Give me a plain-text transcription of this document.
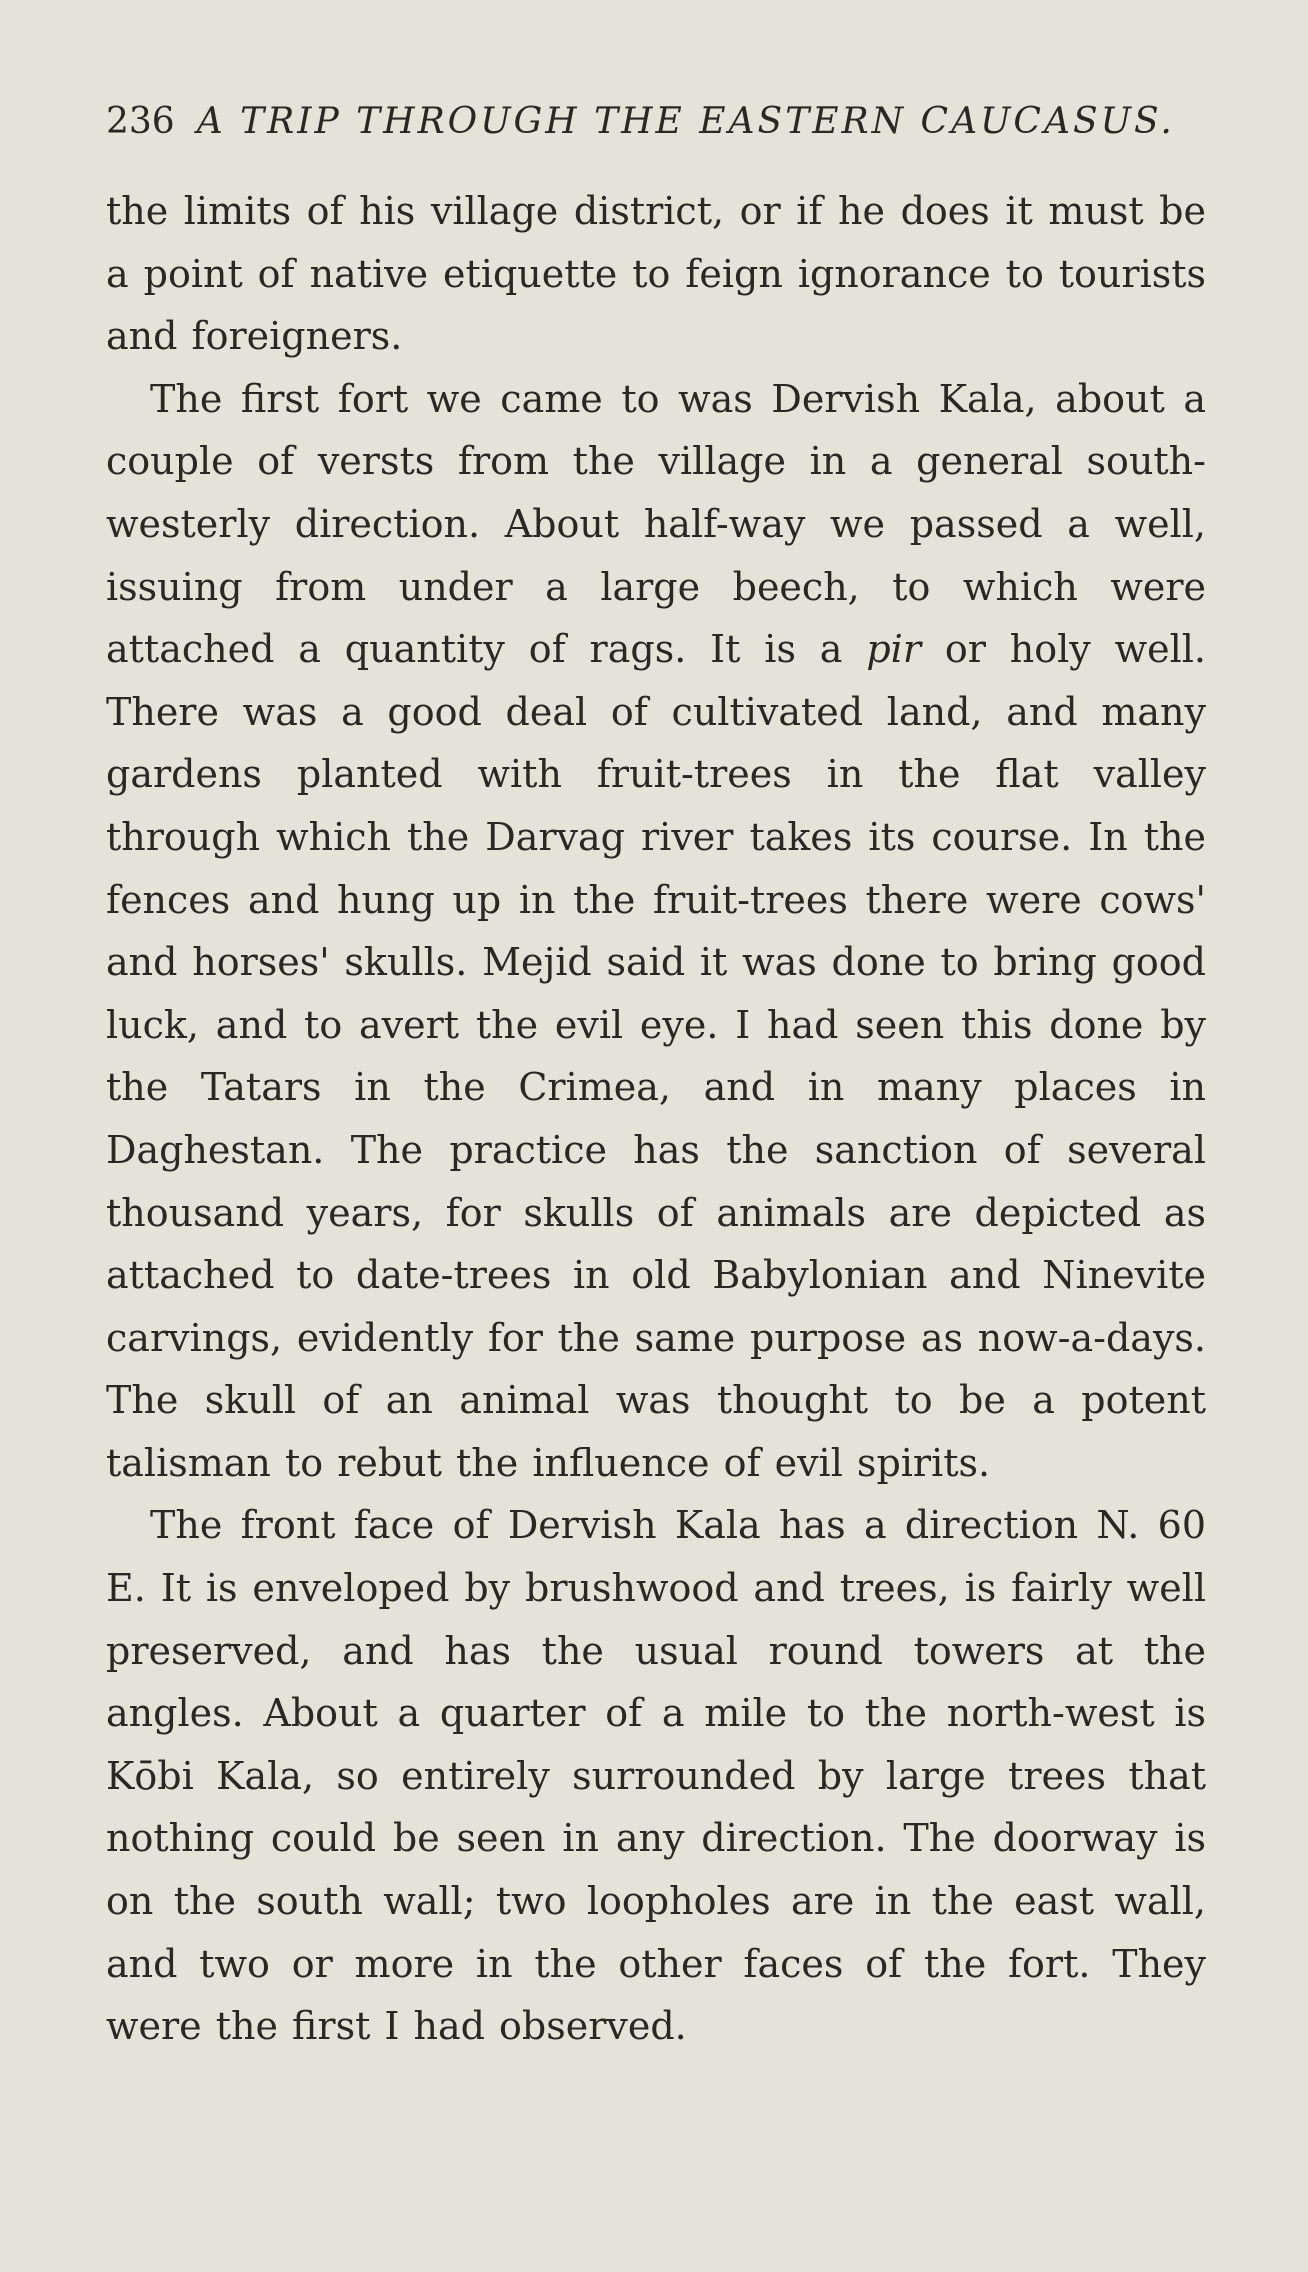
236 A TRIP THROUGH THE EASTERN CAUCASUS.

the limits of his village district, or if he does it must be a point of native etiquette to feign ignorance to tourists and foreigners.

The first fort we came to was Dervish Kala, about a couple of versts from the village in a general south-westerly direction. About half-way we passed a well, issuing from under a large beech, to which were attached a quantity of rags. It is a pir or holy well. There was a good deal of cultivated land, and many gardens planted with fruit-trees in the flat valley through which the Darvag river takes its course. In the fences and hung up in the fruit-trees there were cows' and horses' skulls. Mejid said it was done to bring good luck, and to avert the evil eye. I had seen this done by the Tatars in the Crimea, and in many places in Daghestan. The practice has the sanction of several thousand years, for skulls of animals are depicted as attached to date-trees in old Babylonian and Ninevite carvings, evidently for the same purpose as now-a-days. The skull of an animal was thought to be a potent talisman to rebut the influence of evil spirits.

The front face of Dervish Kala has a direction N. 60 E. It is enveloped by brushwood and trees, is fairly well preserved, and has the usual round towers at the angles. About a quarter of a mile to the north-west is Kōbi Kala, so entirely surrounded by large trees that nothing could be seen in any direction. The doorway is on the south wall; two loopholes are in the east wall, and two or more in the other faces of the fort. They were the first I had observed.
